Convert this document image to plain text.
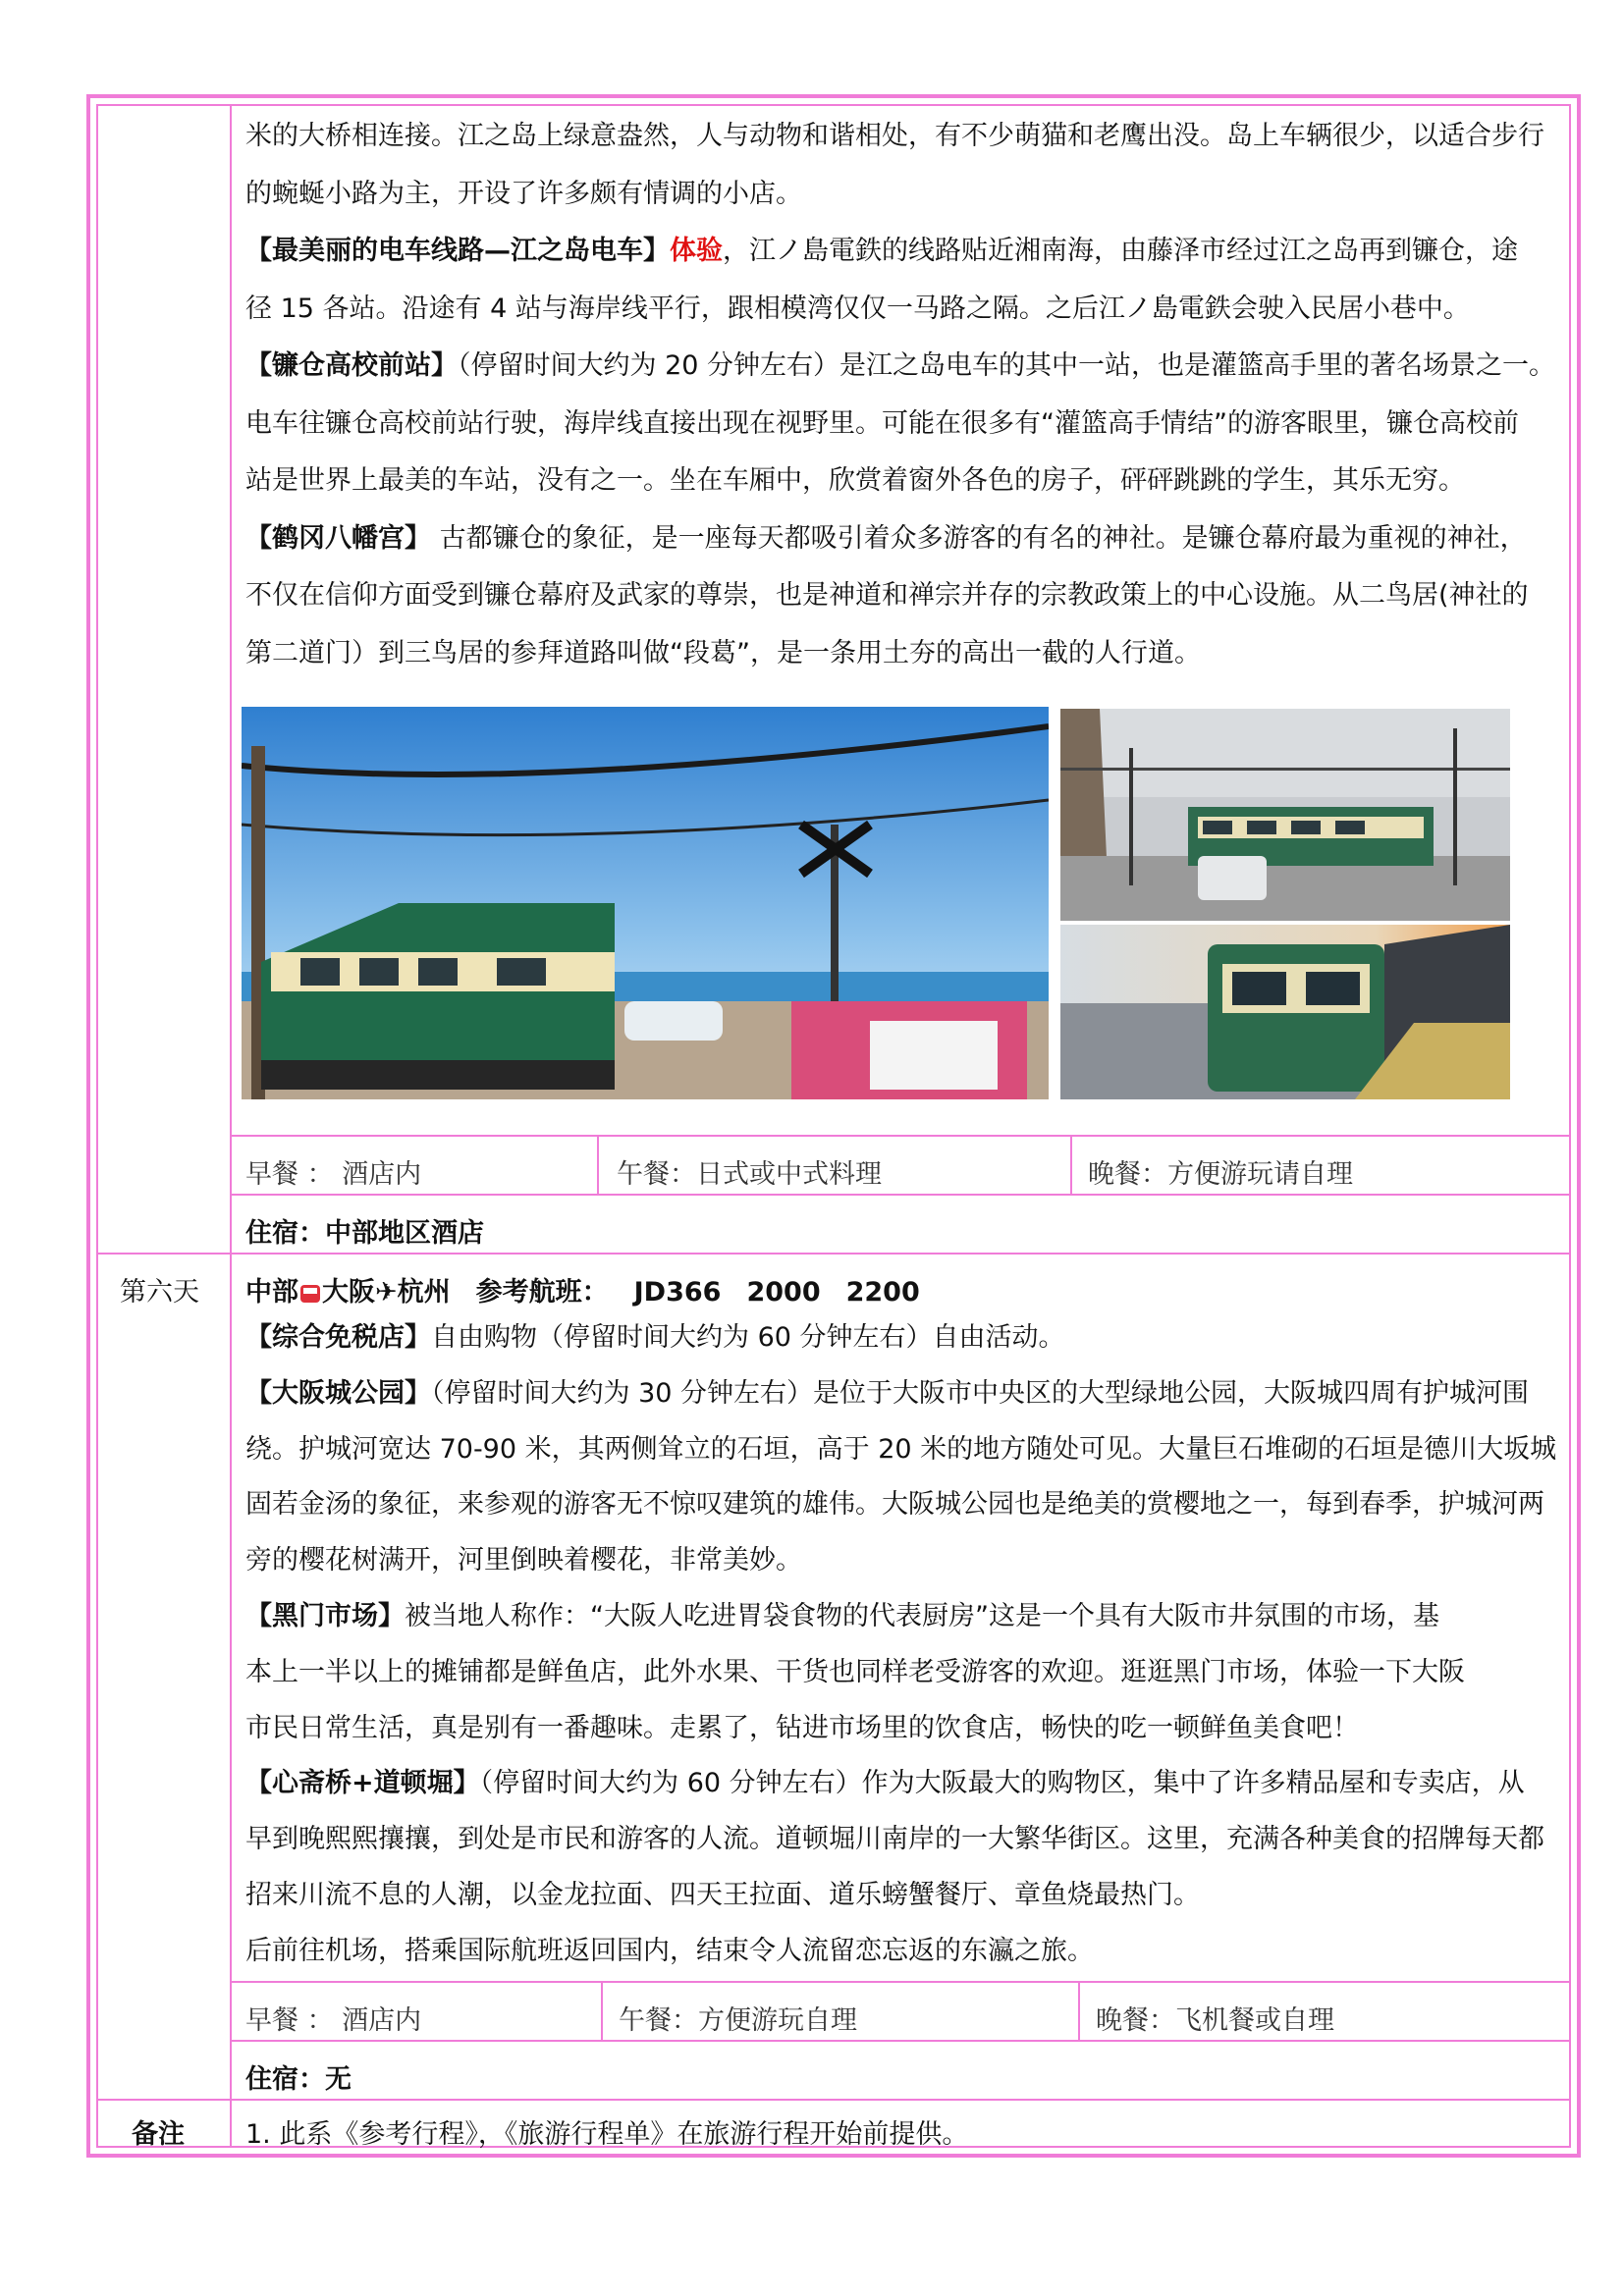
米的大桥相连接。江之岛上绿意盎然，人与动物和谐相处，有不少萌猫和老鹰出没。岛上车辆很少，以适合步行
的蜿蜒小路为主，开设了许多颇有情调的小店。
【最美丽的电车线路—江之岛电车】体验，江ノ島電鉄的线路贴近湘南海，由藤泽市经过江之岛再到镰仓，途
径 15 各站。沿途有 4 站与海岸线平行，跟相模湾仅仅一马路之隔。之后江ノ島電鉄会驶入民居小巷中。
【镰仓高校前站】（停留时间大约为 20 分钟左右）是江之岛电车的其中一站，也是灌篮高手里的著名场景之一。
电车往镰仓高校前站行驶，海岸线直接出现在视野里。可能在很多有“灌篮高手情结”的游客眼里，镰仓高校前
站是世界上最美的车站，没有之一。坐在车厢中，欣赏着窗外各色的房子，砰砰跳跳的学生，其乐无穷。
【鹤冈八幡宫】 古都镰仓的象征，是一座每天都吸引着众多游客的有名的神社。是镰仓幕府最为重视的神社，
不仅在信仰方面受到镰仓幕府及武家的尊崇，也是神道和禅宗并存的宗教政策上的中心设施。从二鸟居(神社的
第二道门）到三鸟居的参拜道路叫做“段葛”，是一条用土夯的高出一截的人行道。
早餐 ： 酒店内	午餐：日式或中式料理	晚餐：方便游玩请自理
住宿：中部地区酒店
第六天 中部 大阪✈杭州 参考航班： JD366 2000 2200
【综合免税店】自由购物（停留时间大约为 60 分钟左右）自由活动。
【大阪城公园】（停留时间大约为 30 分钟左右）是位于大阪市中央区的大型绿地公园，大阪城四周有护城河围
绕。护城河宽达 70-90 米，其两侧耸立的石垣，高于 20 米的地方随处可见。大量巨石堆砌的石垣是德川大坂城
固若金汤的象征，来参观的游客无不惊叹建筑的雄伟。大阪城公园也是绝美的赏樱地之一，每到春季，护城河两
旁的樱花树满开，河里倒映着樱花，非常美妙。
【黑门市场】被当地人称作：“大阪人吃进胃袋食物的代表厨房”这是一个具有大阪市井氛围的市场，基
本上一半以上的摊铺都是鲜鱼店，此外水果、干货也同样老受游客的欢迎。逛逛黑门市场，体验一下大阪
市民日常生活，真是别有一番趣味。走累了，钻进市场里的饮食店，畅快的吃一顿鲜鱼美食吧！
【心斋桥+道顿堀】（停留时间大约为 60 分钟左右）作为大阪最大的购物区，集中了许多精品屋和专卖店，从
早到晚熙熙攘攘，到处是市民和游客的人流。道顿堀川南岸的一大繁华街区。这里，充满各种美食的招牌每天都
招来川流不息的人潮，以金龙拉面、四天王拉面、道乐螃蟹餐厅、章鱼烧最热门。
后前往机场，搭乘国际航班返回国内，结束令人流留恋忘返的东瀛之旅。
早餐 ： 酒店内	午餐：方便游玩自理	晚餐：飞机餐或自理
住宿：无
备注 1. 此系《参考行程》，《旅游行程单》在旅游行程开始前提供。
